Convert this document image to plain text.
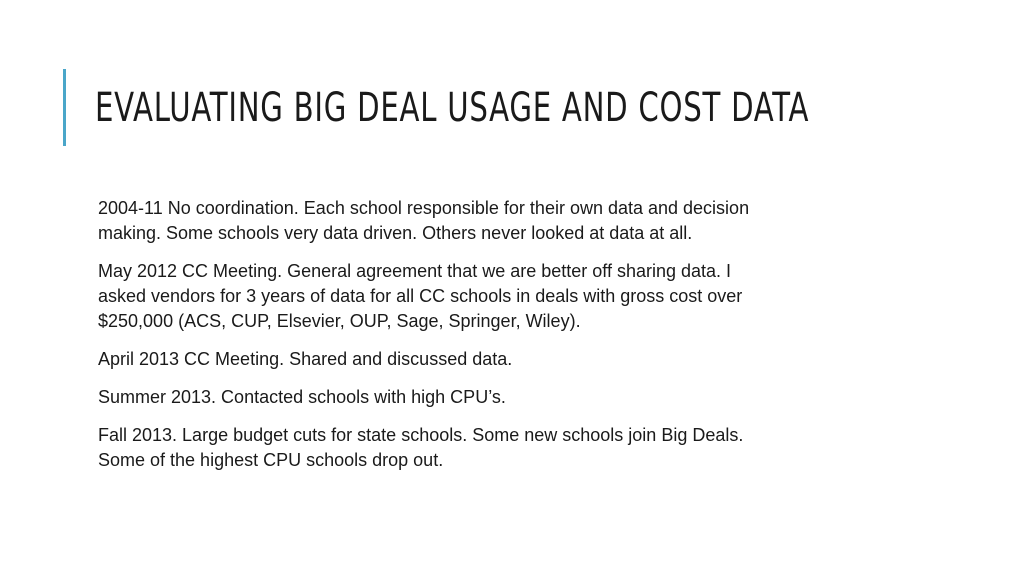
EVALUATING BIG DEAL USAGE AND COST DATA

2004-11 No coordination. Each school responsible for their own data and decision
making. Some schools very data driven. Others never looked at data at all.

May 2012 CC Meeting. General agreement that we are better off sharing data. I
asked vendors for 3 years of data for all CC schools in deals with gross cost over
$250,000 (ACS, CUP, Elsevier, OUP, Sage, Springer, Wiley).

April 2013 CC Meeting. Shared and discussed data.

Summer 2013. Contacted schools with high CPU’s.

Fall 2013. Large budget cuts for state schools. Some new schools join Big Deals.
Some of the highest CPU schools drop out.
